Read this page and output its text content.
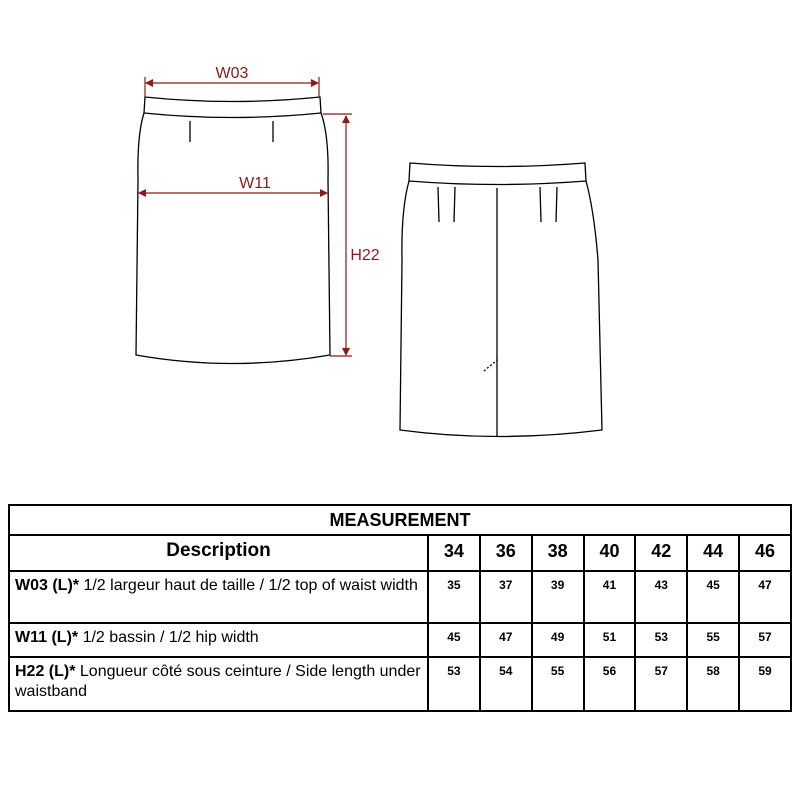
W03
W11
H22
MEASUREMENT							
Description	34	36	38	40	42	44	46
W03 (L)* 1/2 largeur haut de taille / 1/2 top of waist width	35	37	39	41	43	45	47
W11 (L)* 1/2 bassin / 1/2 hip width	45	47	49	51	53	55	57
H22 (L)* Longueur côté sous ceinture / Side length under waistband	53	54	55	56	57	58	59
